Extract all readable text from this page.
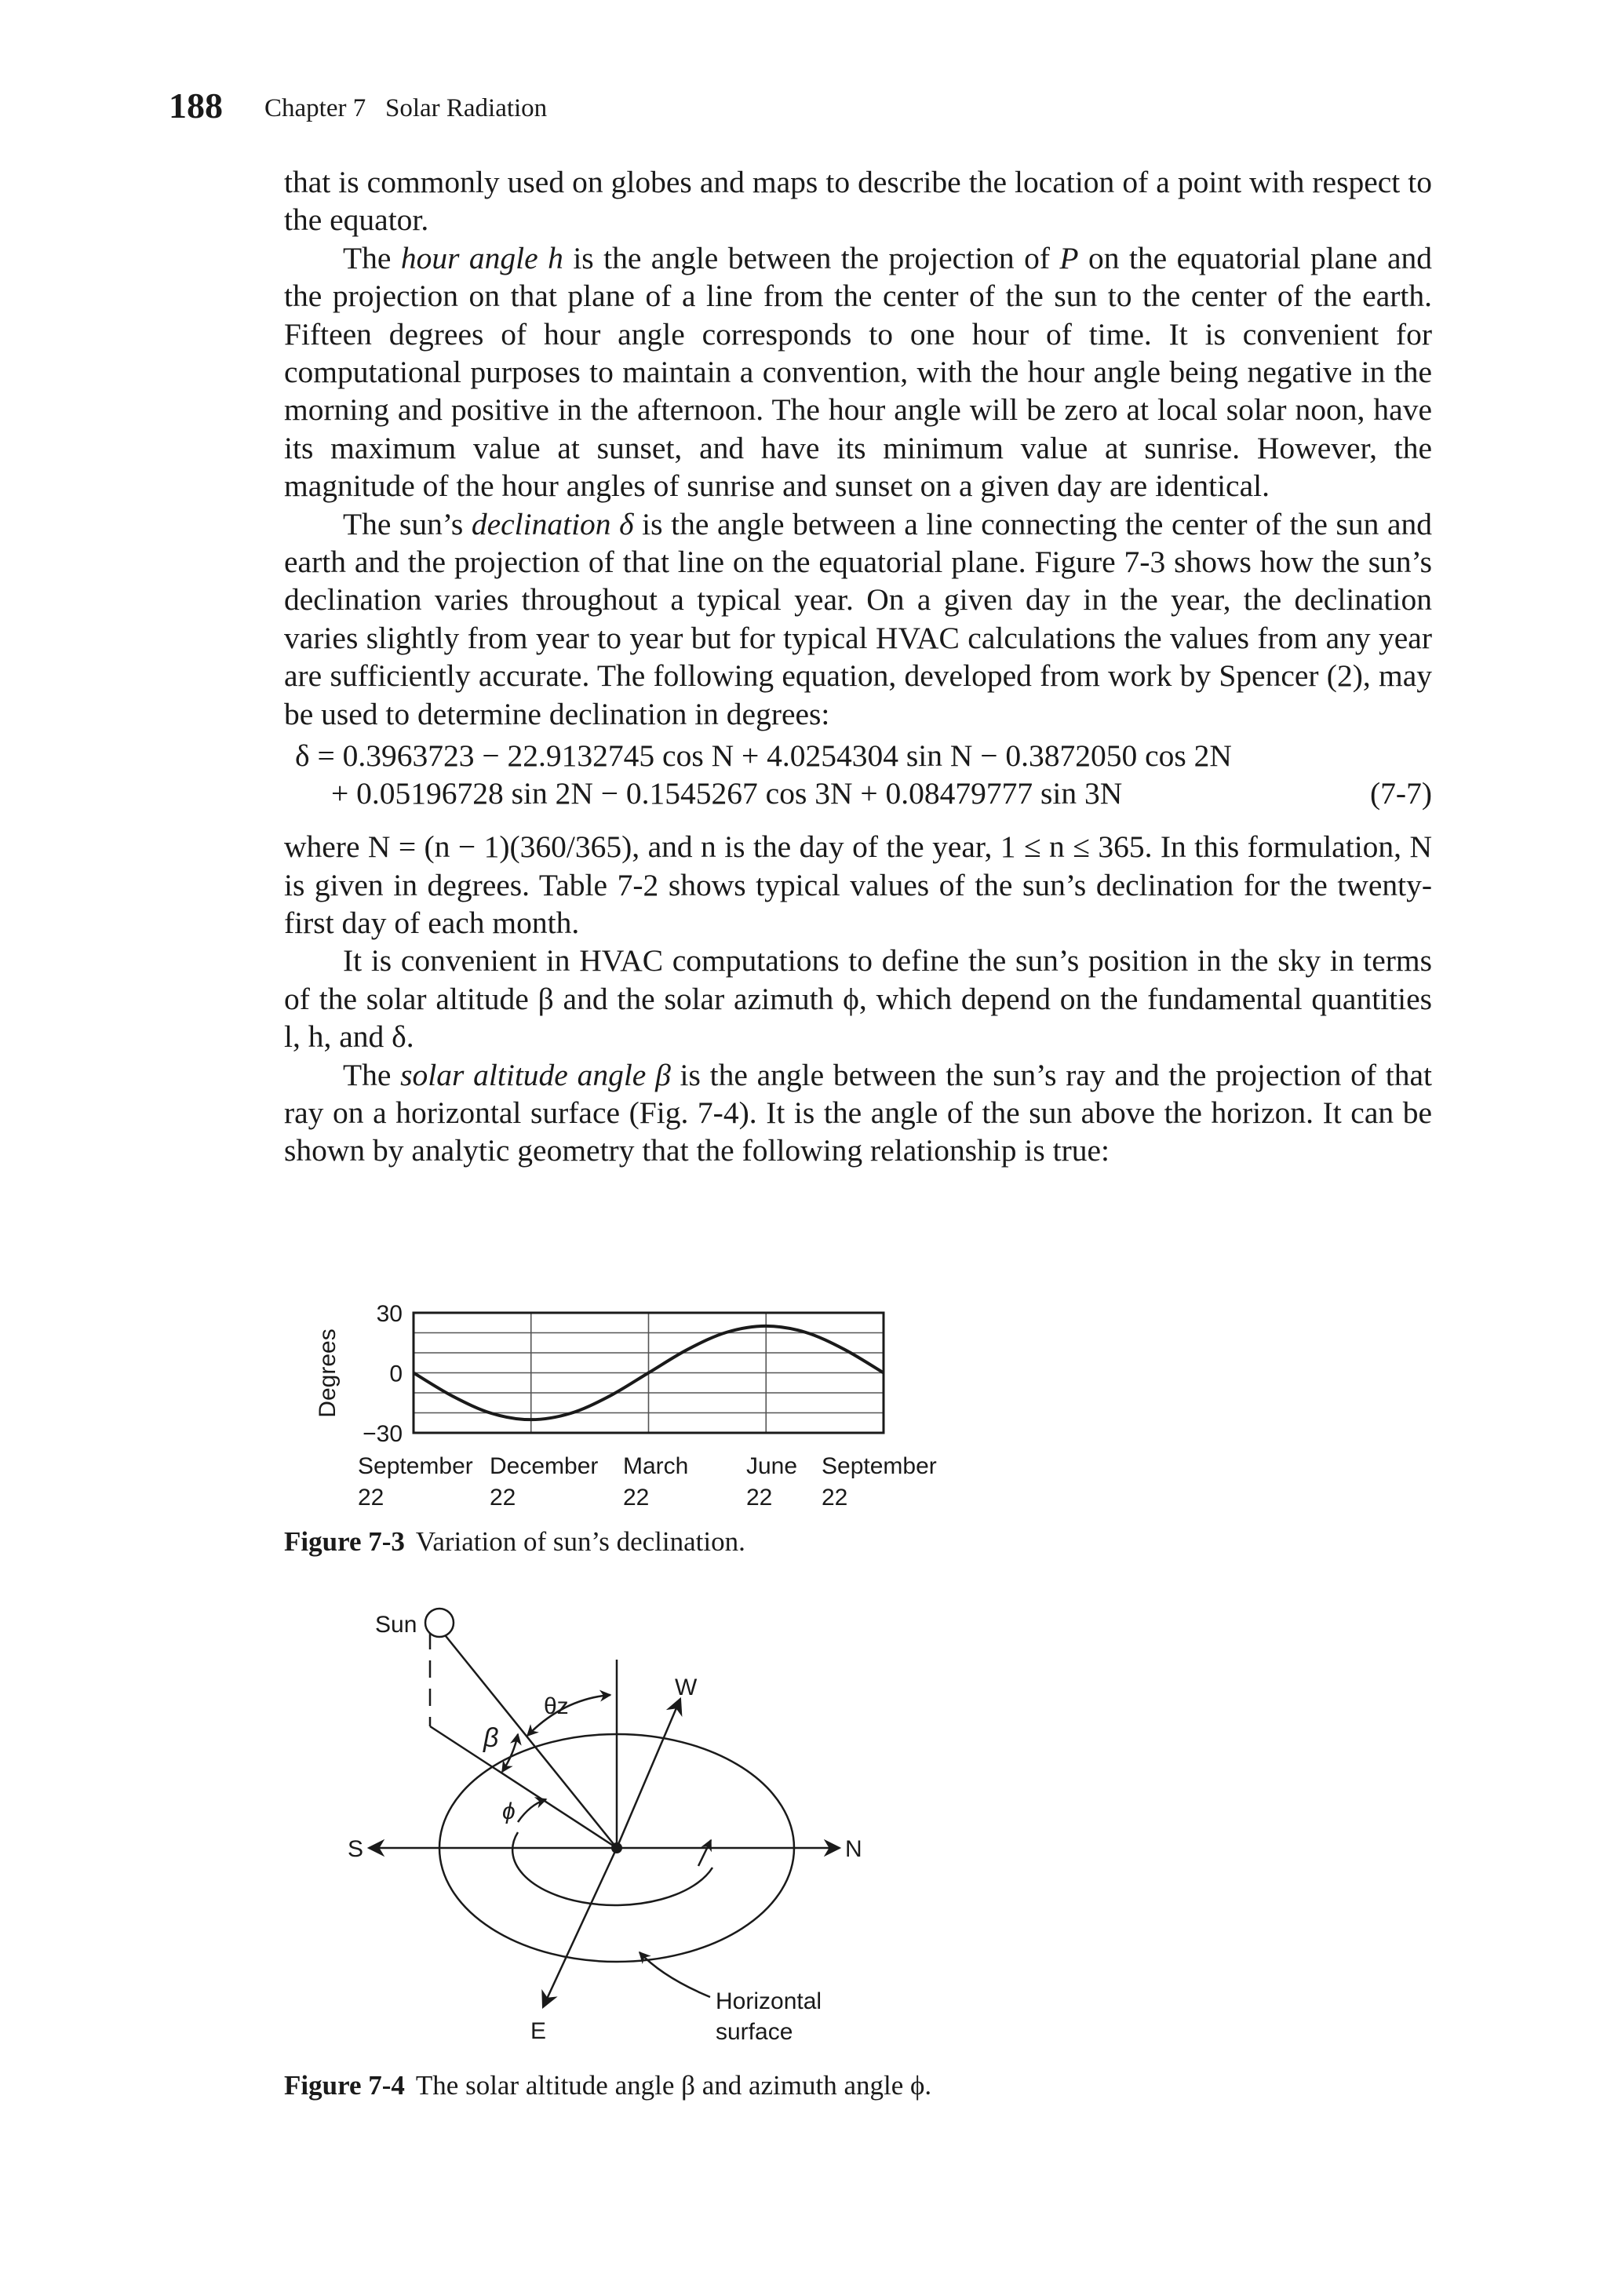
188 Chapter 7   Solar Radiation

that is commonly used on globes and maps to describe the location of a point with respect to the equator.

The hour angle h is the angle between the projection of P on the equatorial plane and the projection on that plane of a line from the center of the sun to the center of the earth. Fifteen degrees of hour angle corresponds to one hour of time. It is convenient for computational purposes to maintain a convention, with the hour angle being negative in the morning and positive in the afternoon. The hour angle will be zero at local solar noon, have its maximum value at sunset, and have its minimum value at sunrise. However, the magnitude of the hour angles of sunrise and sunset on a given day are identical.

The sun’s declination δ is the angle between a line connecting the center of the sun and earth and the projection of that line on the equatorial plane. Figure 7-3 shows how the sun’s declination varies throughout a typical year. On a given day in the year, the declination varies slightly from year to year but for typical HVAC calculations the values from any year are sufficiently accurate. The following equation, developed from work by Spencer (2), may be used to determine declination in degrees:

δ = 0.3963723 − 22.9132745 cos N + 4.0254304 sin N − 0.3872050 cos 2N
+ 0.05196728 sin 2N − 0.1545267 cos 3N + 0.08479777 sin 3N	(7-7)

where N = (n − 1)(360/365), and n is the day of the year, 1 ≤ n ≤ 365. In this formulation, N is given in degrees. Table 7-2 shows typical values of the sun’s declination for the twenty-first day of each month.

It is convenient in HVAC computations to define the sun’s position in the sky in terms of the solar altitude β and the solar azimuth ϕ, which depend on the fundamental quantities l, h, and δ.

The solar altitude angle β is the angle between the sun’s ray and the projection of that ray on a horizontal surface (Fig. 7-4). It is the angle of the sun above the horizon. It can be shown by analytic geometry that the following relationship is true:

30
0
−30
Degrees
September
22
December
22
March
22
June
22
September
22
Figure 7-3 Variation of sun’s declination.
Sun
θz
β
ϕ
S	N
W
E
Horizontal
surface
Figure 7-4 The solar altitude angle β and azimuth angle ϕ.
